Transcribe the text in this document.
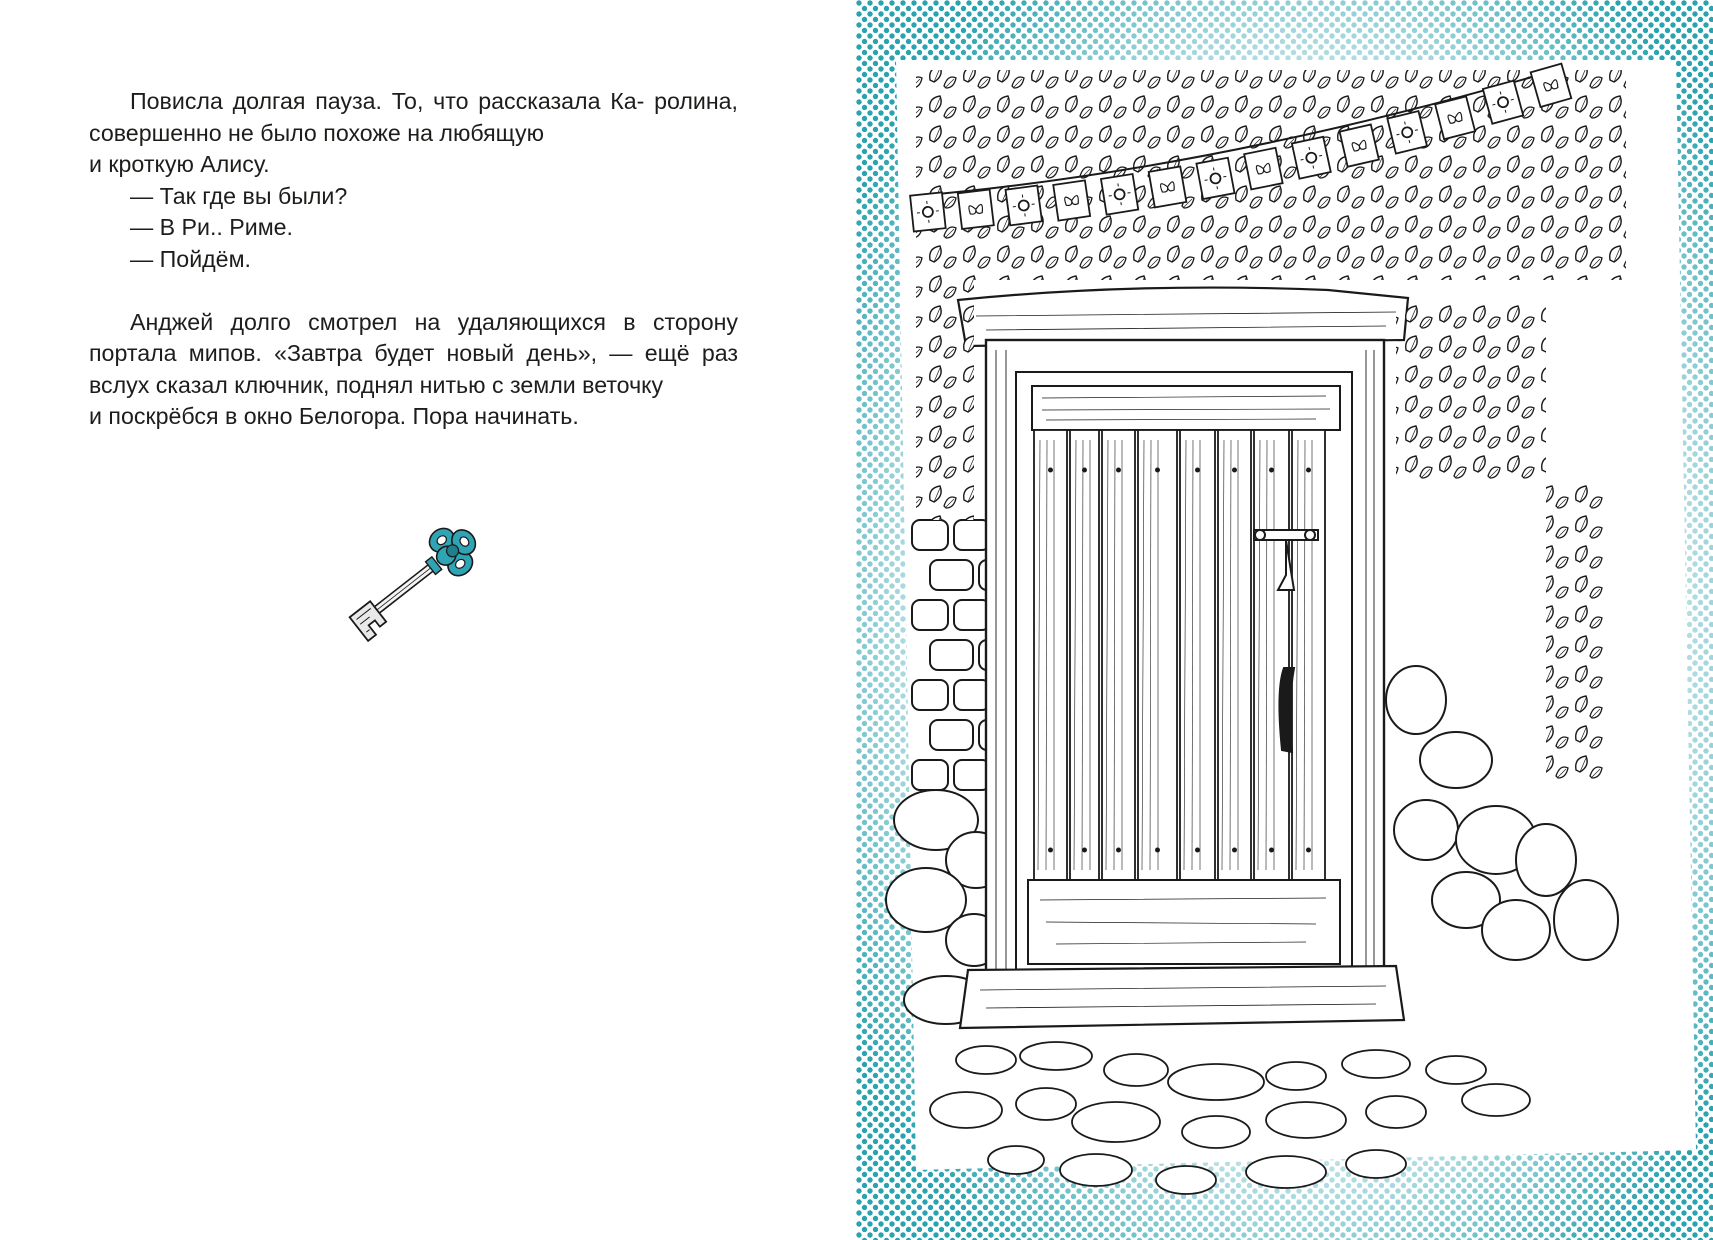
Повисла долгая пауза. То, что рассказала Ка- ролина, совершенно не было похоже на любящую

и кроткую Алису.

— Так где вы были?

— В Ри.. Риме.

— Пойдём.

Анджей долго смотрел на удаляющихся в сторону портала мипов. «Завтра будет новый день», — ещё раз вслух сказал ключник, поднял нитью с земли веточку

и поскрёбся в окно Белогора. Пора начинать.
